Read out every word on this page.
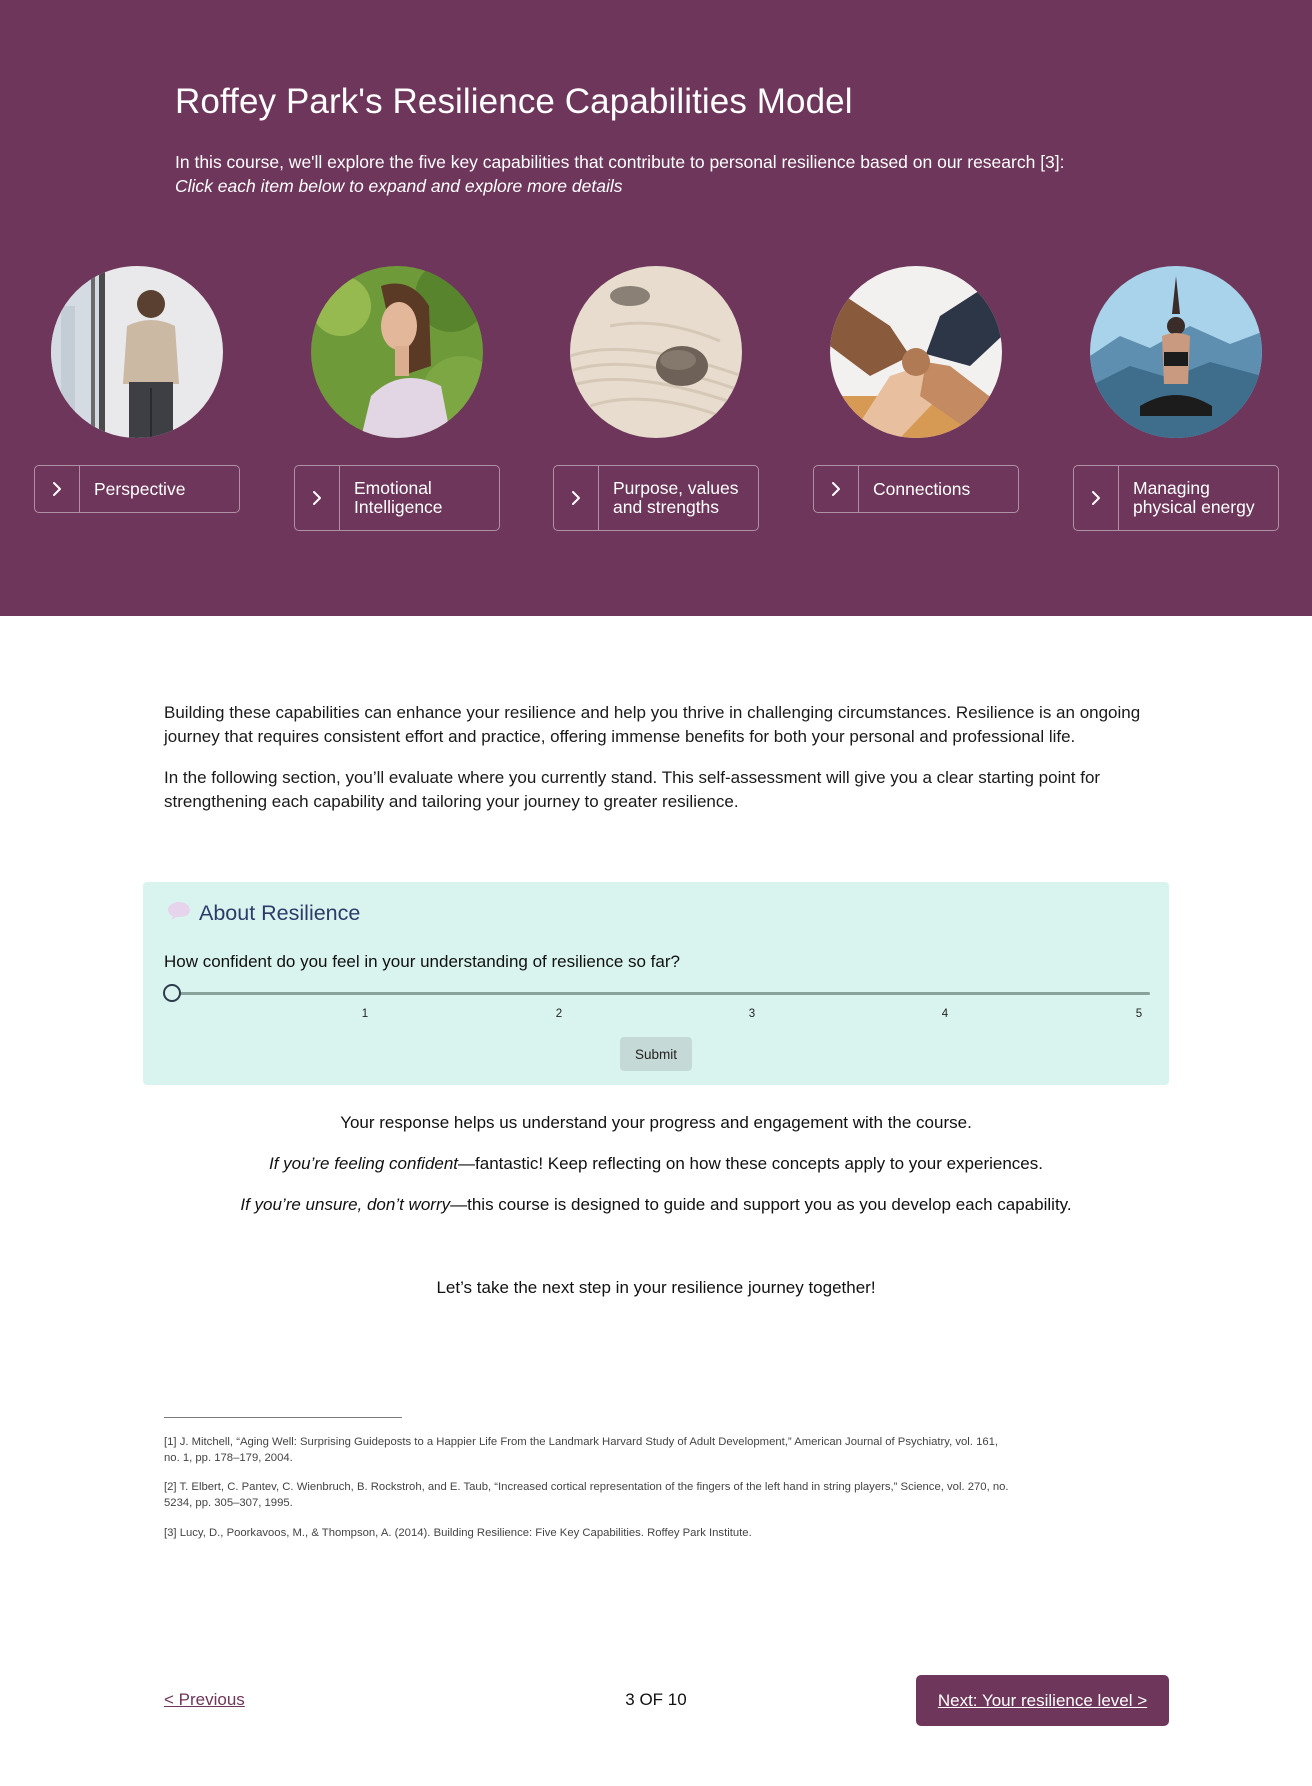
Roffey Park's Resilience Capabilities Model

In this course, we'll explore the five key capabilities that contribute to personal resilience based on our research [3]:

Click each item below to expand and explore more details

Perspective	Emotional
Intelligence
Purpose, values
and strengths
Connections	Managing
physical energy

Building these capabilities can enhance your resilience and help you thrive in challenging circumstances. Resilience is an ongoing journey that requires consistent effort and practice, offering immense benefits for both your personal and professional life.

In the following section, you’ll evaluate where you currently stand. This self-assessment will give you a clear starting point for strengthening each capability and tailoring your journey to greater resilience.

About Resilience
How confident do you feel in your understanding of resilience so far?
1	2	3	4	5
Submit

Your response helps us understand your progress and engagement with the course.

If you’re feeling confident—fantastic! Keep reflecting on how these concepts apply to your experiences.

If you’re unsure, don’t worry—this course is designed to guide and support you as you develop each capability.

Let’s take the next step in your resilience journey together!

[1] J. Mitchell, “Aging Well: Surprising Guideposts to a Happier Life From the Landmark Harvard Study of Adult Development,” American Journal of Psychiatry, vol. 161, no. 1, pp. 178–179, 2004.

[2] T. Elbert, C. Pantev, C. Wienbruch, B. Rockstroh, and E. Taub, “Increased cortical representation of the fingers of the left hand in string players,” Science, vol. 270, no. 5234, pp. 305–307, 1995.

[3] Lucy, D., Poorkavoos, M., & Thompson, A. (2014). Building Resilience: Five Key Capabilities. Roffey Park Institute.

< Previous	3 OF 10	Next: Your resilience level >
